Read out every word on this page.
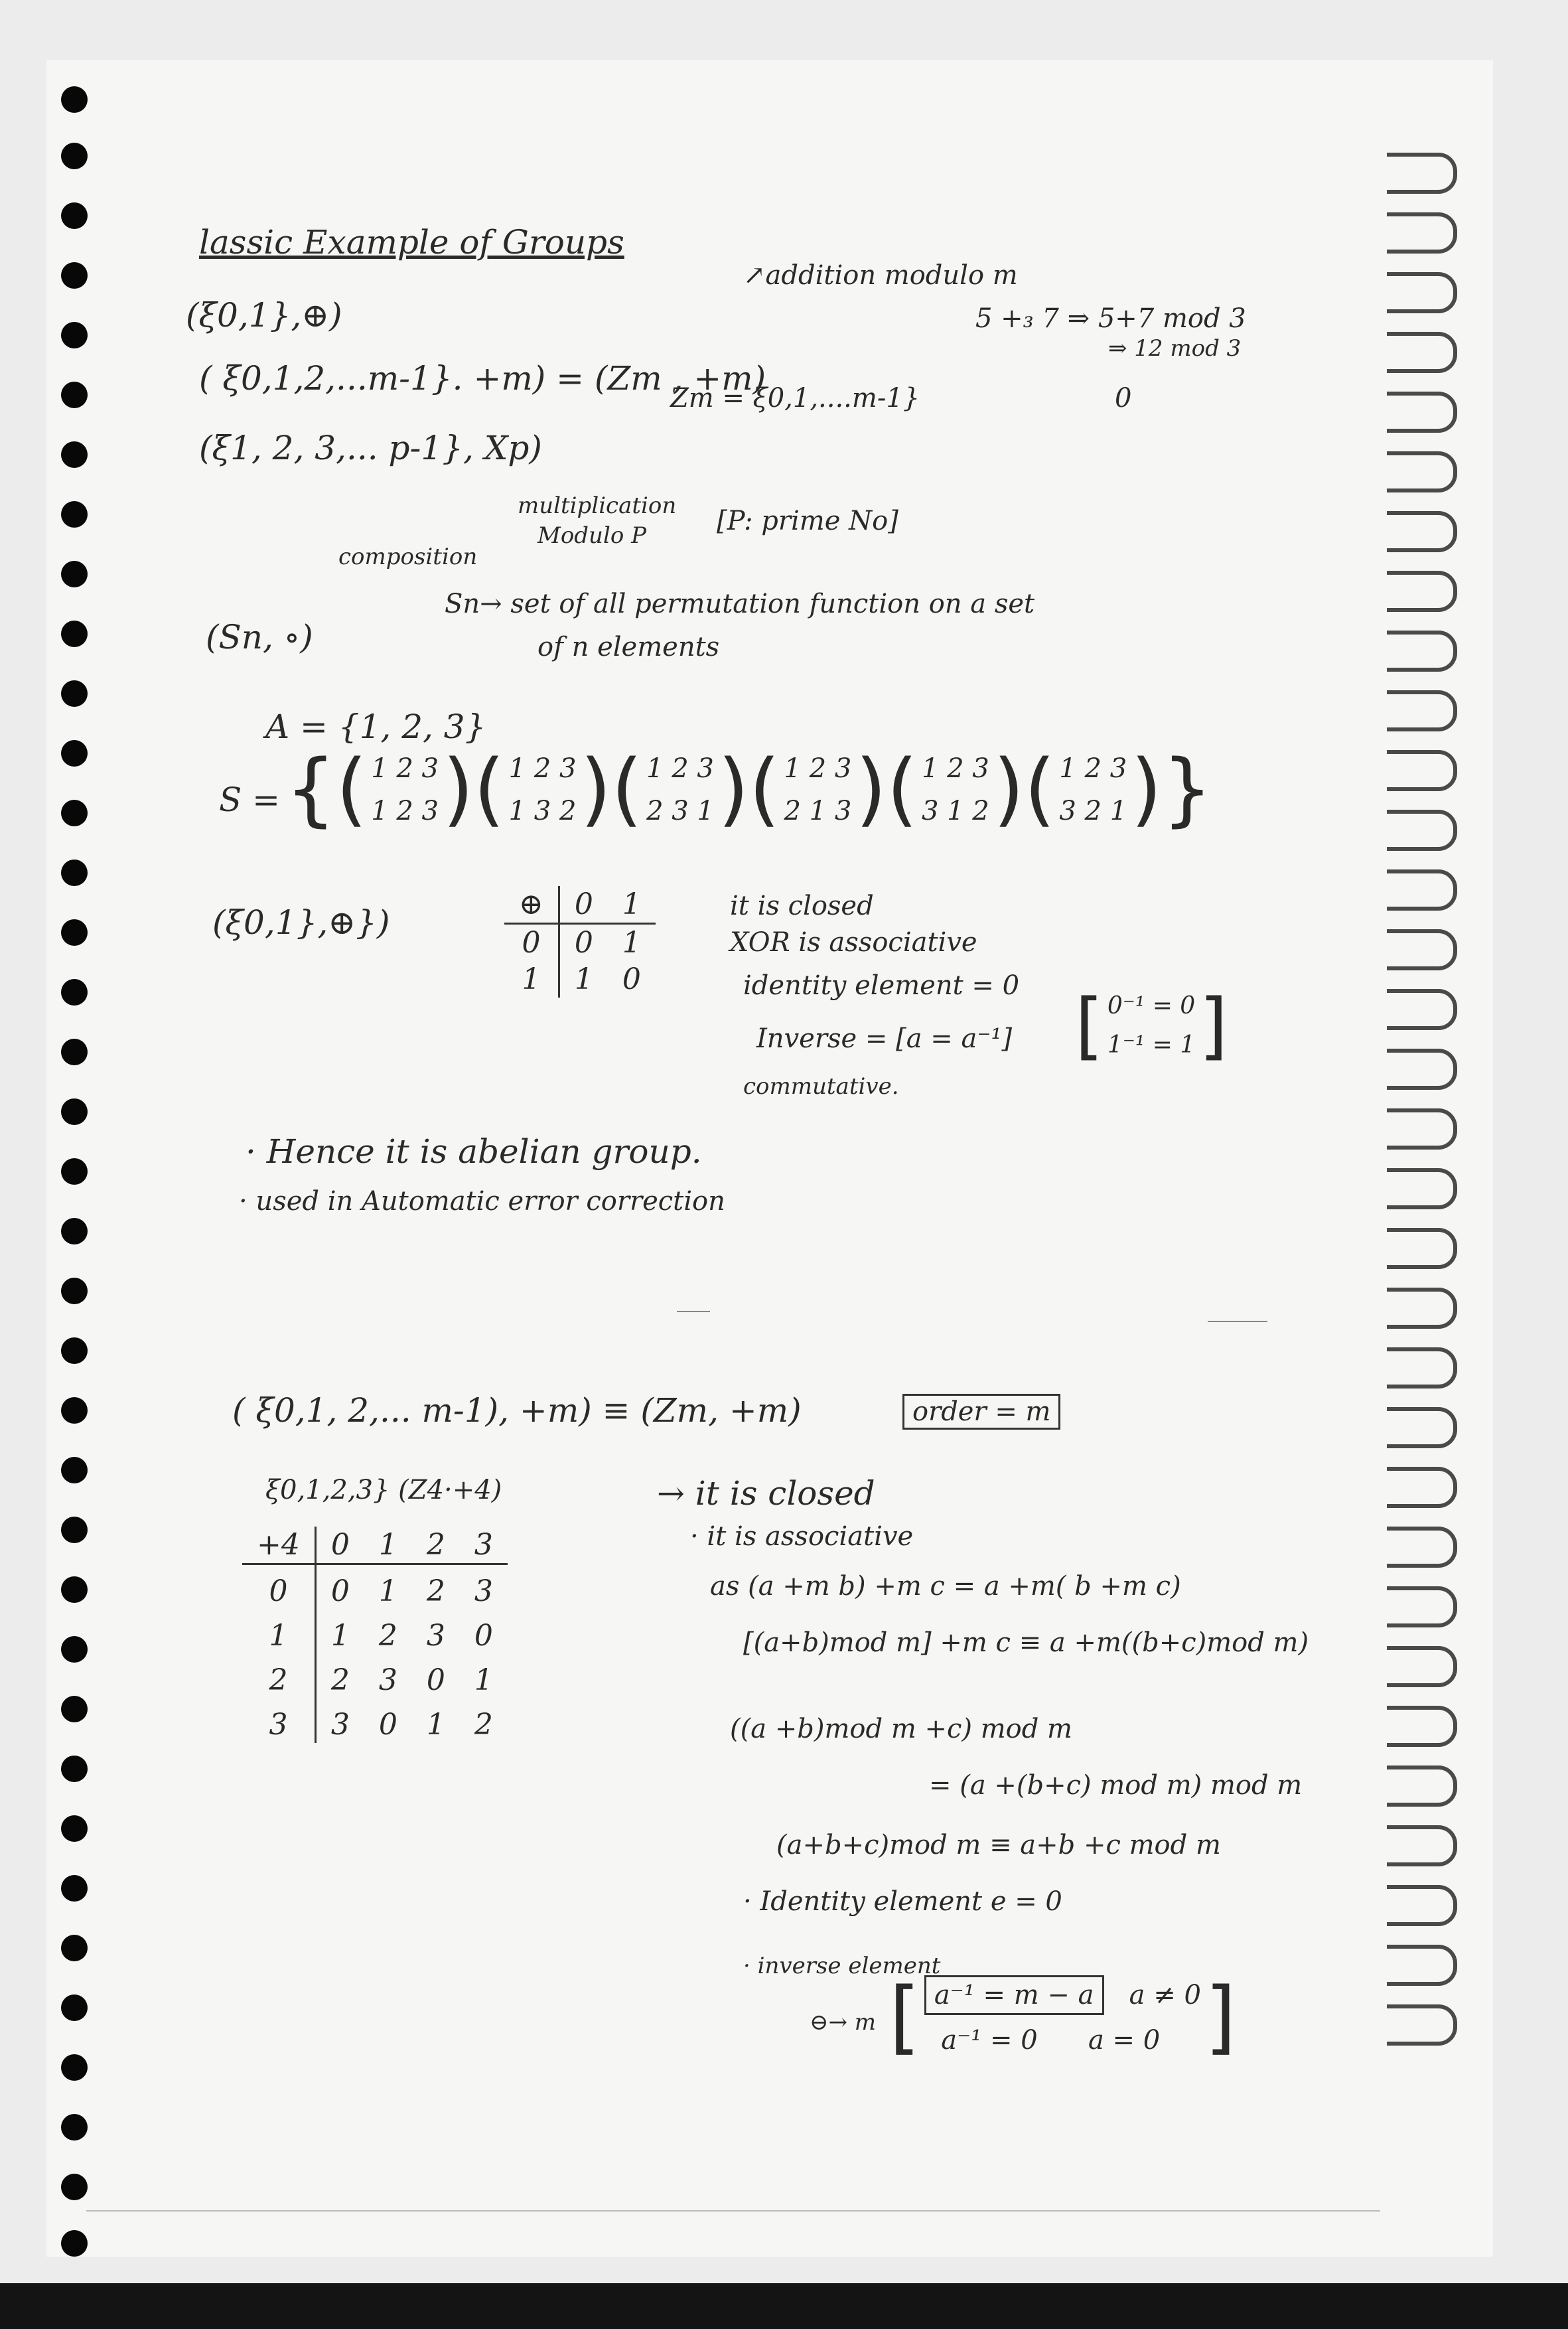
lassic Example of Groups
(ξ0,1},⊕)
↗addition modulo m
( ξ0,1,2,...m-1}. +m) = (Zm , +m)
Zm = ξ0,1,....m-1}
5 +₃ 7 ⇒ 5+7 mod 3
⇒ 12 mod 3
0
(ξ1, 2, 3,... p-1}, Xp)
multiplication
Modulo P	[P: prime No]
composition
(Sn, ∘)
Sn→ set of all permutation function on a set
of n elements
A = {1, 2, 3}
S = { ( 1 2 3
1 2 3 ) ( 1 2 3
1 3 2 ) ( 1 2 3
2 3 1 ) ( 1 2 3
2 1 3 ) ( 1 2 3
3 1 2 ) ( 1 2 3
3 2 1 ) }
(ξ0,1},⊕})	⊕	0	1
0	0	1
1	1	0
it is closed
XOR is associative
identity element = 0
Inverse = [a = a⁻¹]
commutative.
[ 0⁻¹ = 0
1⁻¹ = 1 ]
· Hence it is abelian group.
· used in Automatic error correction
( ξ0,1, 2,... m-1), +m) ≡ (Zm, +m)	order = m
ξ0,1,2,3} (Z4·+4)
+4	0	1	2	3
0	0	1	2	3
1	1	2	3	0
2	2	3	0	1
3	3	0	1	2
→ it is closed
· it is associative
as (a +m b) +m c = a +m( b +m c)
[(a+b)mod m] +m c ≡ a +m((b+c)mod m)
((a +b)mod m +c) mod m
= (a +(b+c) mod m) mod m
(a+b+c)mod m ≡ a+b +c mod m
· Identity element e = 0
· inverse element
⊖→ m [ a⁻¹ = m − a a ≠ 0
a⁻¹ = 0 a = 0 ]
